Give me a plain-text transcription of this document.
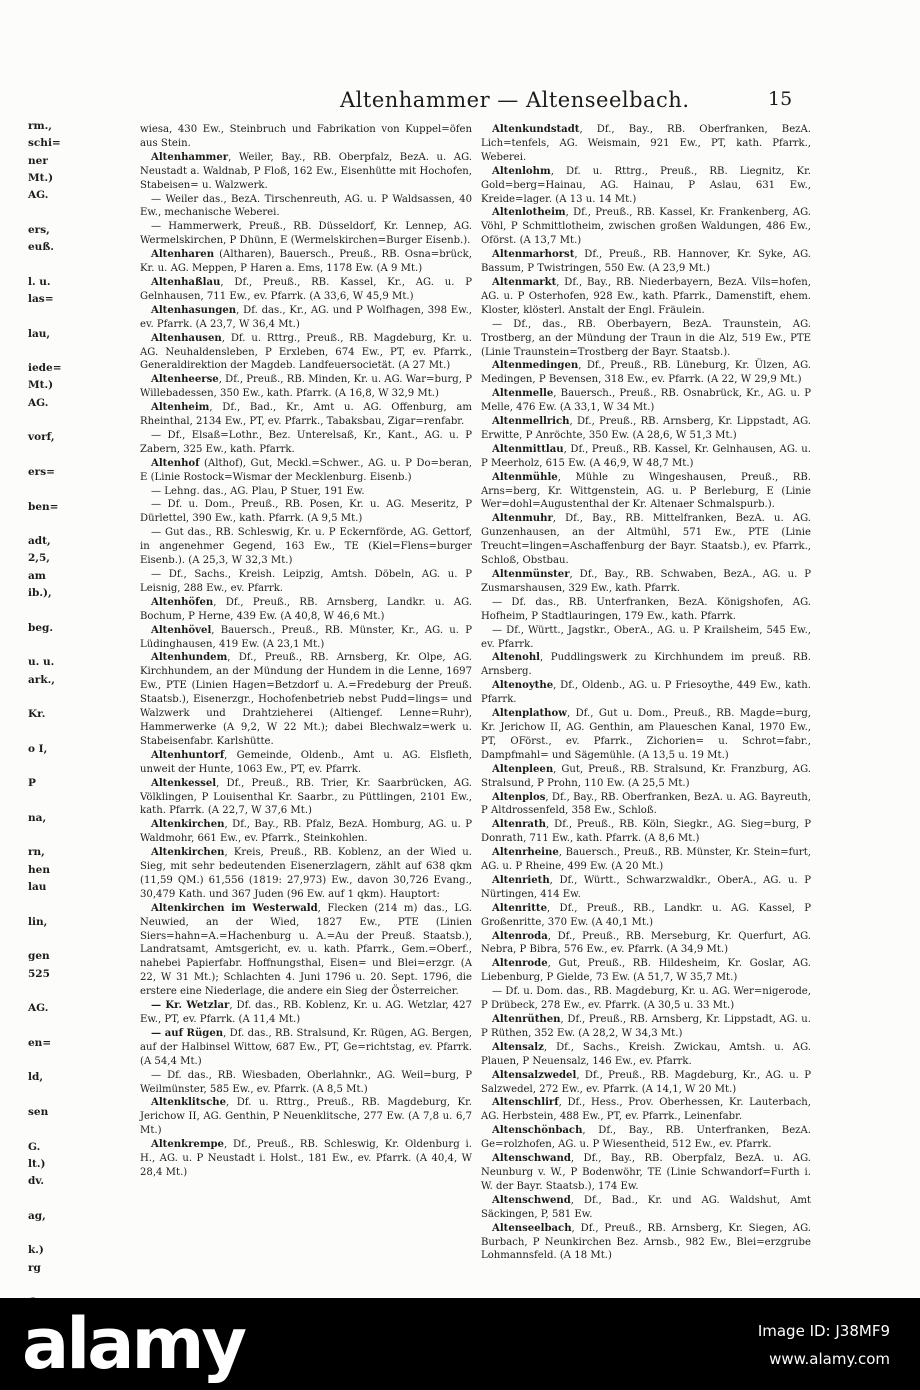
rm.,
schi=
ner
Mt.)
AG.
ers,
euß.
l. u.
las=
lau,
iede=
Mt.)
AG.
vorf,
ers=
ben=
adt,
2,5,
am
ib.),
beg.
u. u.
ark.,
Kr.
o I,
P
na,
rn,
hen
lau
lin,
gen
525
AG.
en=
ld,
sen
G.
lt.)
dv.
ag,
k.)
rg
Altenhammer — Altenseelbach.	15

wiesa, 430 Ew., Steinbruch und Fabrikation von Kuppel=öfen aus Stein.

Altenhammer, Weiler, Bay., RB. Oberpfalz, BezA. u. AG. Neustadt a. Waldnab, P Floß, 162 Ew., Eisenhütte mit Hochofen, Stabeisen= u. Walzwerk.

— Weiler das., BezA. Tirschenreuth, AG. u. P Waldsassen, 40 Ew., mechanische Weberei.

— Hammerwerk, Preuß., RB. Düsseldorf, Kr. Lennep, AG. Wermelskirchen, P Dhünn, E (Wermelskirchen=Burger Eisenb.).

Altenharen (Altharen), Bauersch., Preuß., RB. Osna=brück, Kr. u. AG. Meppen, P Haren a. Ems, 1178 Ew. (A 9 Mt.)

Altenhaßlau, Df., Preuß., RB. Kassel, Kr., AG. u. P Gelnhausen, 711 Ew., ev. Pfarrk. (A 33,6, W 45,9 Mt.)

Altenhasungen, Df. das., Kr., AG. und P Wolfhagen, 398 Ew., ev. Pfarrk. (A 23,7, W 36,4 Mt.)

Altenhausen, Df. u. Rttrg., Preuß., RB. Magdeburg, Kr. u. AG. Neuhaldensleben, P Erxleben, 674 Ew., PT, ev. Pfarrk., Generaldirektion der Magdeb. Landfeuersocietät. (A 27 Mt.)

Altenheerse, Df., Preuß., RB. Minden, Kr. u. AG. War=burg, P Willebadessen, 350 Ew., kath. Pfarrk. (A 16,8, W 32,9 Mt.)

Altenheim, Df., Bad., Kr., Amt u. AG. Offenburg, am Rheinthal, 2134 Ew., PT, ev. Pfarrk., Tabaksbau, Zigar=renfabr.

— Df., Elsaß=Lothr., Bez. Unterelsaß, Kr., Kant., AG. u. P Zabern, 325 Ew., kath. Pfarrk.

Altenhof (Althof), Gut, Meckl.=Schwer., AG. u. P Do=beran, E (Linie Rostock=Wismar der Mecklenburg. Eisenb.)

— Lehng. das., AG. Plau, P Stuer, 191 Ew.

— Df. u. Dom., Preuß., RB. Posen, Kr. u. AG. Meseritz, P Dürlettel, 390 Ew., kath. Pfarrk. (A 9,5 Mt.)

— Gut das., RB. Schleswig, Kr. u. P Eckernförde, AG. Gettorf, in angenehmer Gegend, 163 Ew., TE (Kiel=Flens=burger Eisenb.). (A 25,3, W 32,3 Mt.)

— Df., Sachs., Kreish. Leipzig, Amtsh. Döbeln, AG. u. P Leisnig, 288 Ew., ev. Pfarrk.

Altenhöfen, Df., Preuß., RB. Arnsberg, Landkr. u. AG. Bochum, P Herne, 439 Ew. (A 40,8, W 46,6 Mt.)

Altenhövel, Bauersch., Preuß., RB. Münster, Kr., AG. u. P Lüdinghausen, 419 Ew. (A 23,1 Mt.)

Altenhundem, Df., Preuß., RB. Arnsberg, Kr. Olpe, AG. Kirchhundem, an der Mündung der Hundem in die Lenne, 1697 Ew., PTE (Linien Hagen=Betzdorf u. A.=Fredeburg der Preuß. Staatsb.), Eisenerzgr., Hochofenbetrieb nebst Pudd=lings= und Walzwerk und Drahtzieherei (Altiengef. Lenne=Ruhr), Hammerwerke (A 9,2, W 22 Mt.); dabei Blechwalz=werk u. Stabeisenfabr. Karlshütte.

Altenhuntorf, Gemeinde, Oldenb., Amt u. AG. Elsfleth, unweit der Hunte, 1063 Ew., PT, ev. Pfarrk.

Altenkessel, Df., Preuß., RB. Trier, Kr. Saarbrücken, AG. Völklingen, P Louisenthal Kr. Saarbr., zu Püttlingen, 2101 Ew., kath. Pfarrk. (A 22,7, W 37,6 Mt.)

Altenkirchen, Df., Bay., RB. Pfalz, BezA. Homburg, AG. u. P Waldmohr, 661 Ew., ev. Pfarrk., Steinkohlen.

Altenkirchen, Kreis, Preuß., RB. Koblenz, an der Wied u. Sieg, mit sehr bedeutenden Eisenerzlagern, zählt auf 638 qkm (11,59 QM.) 61,556 (1819: 27,973) Ew., davon 30,726 Evang., 30,479 Kath. und 367 Juden (96 Ew. auf 1 qkm). Hauptort:

Altenkirchen im Westerwald, Flecken (214 m) das., LG. Neuwied, an der Wied, 1827 Ew., PTE (Linien Siers=hahn=A.=Hachenburg u. A.=Au der Preuß. Staatsb.), Landratsamt, Amtsgericht, ev. u. kath. Pfarrk., Gem.=Oberf., nahebei Papierfabr. Hoffnungsthal, Eisen= und Blei=erzgr. (A 22, W 31 Mt.); Schlachten 4. Juni 1796 u. 20. Sept. 1796, die erstere eine Niederlage, die andere ein Sieg der Österreicher.

— Kr. Wetzlar, Df. das., RB. Koblenz, Kr. u. AG. Wetzlar, 427 Ew., PT, ev. Pfarrk. (A 11,4 Mt.)

— auf Rügen, Df. das., RB. Stralsund, Kr. Rügen, AG. Bergen, auf der Halbinsel Wittow, 687 Ew., PT, Ge=richtstag, ev. Pfarrk. (A 54,4 Mt.)

— Df. das., RB. Wiesbaden, Oberlahnkr., AG. Weil=burg, P Weilmünster, 585 Ew., ev. Pfarrk. (A 8,5 Mt.)

Altenklitsche, Df. u. Rttrg., Preuß., RB. Magdeburg, Kr. Jerichow II, AG. Genthin, P Neuenklitsche, 277 Ew. (A 7,8 u. 6,7 Mt.)

Altenkrempe, Df., Preuß., RB. Schleswig, Kr. Oldenburg i. H., AG. u. P Neustadt i. Holst., 181 Ew., ev. Pfarrk. (A 40,4, W 28,4 Mt.)

Altenkundstadt, Df., Bay., RB. Oberfranken, BezA. Lich=tenfels, AG. Weismain, 921 Ew., PT, kath. Pfarrk., Weberei.

Altenlohm, Df. u. Rttrg., Preuß., RB. Liegnitz, Kr. Gold=berg=Hainau, AG. Hainau, P Aslau, 631 Ew., Kreide=lager. (A 13 u. 14 Mt.)

Altenlotheim, Df., Preuß., RB. Kassel, Kr. Frankenberg, AG. Vöhl, P Schmittlotheim, zwischen großen Waldungen, 486 Ew., Oförst. (A 13,7 Mt.)

Altenmarhorst, Df., Preuß., RB. Hannover, Kr. Syke, AG. Bassum, P Twistringen, 550 Ew. (A 23,9 Mt.)

Altenmarkt, Df., Bay., RB. Niederbayern, BezA. Vils=hofen, AG. u. P Osterhofen, 928 Ew., kath. Pfarrk., Damenstift, ehem. Kloster, klösterl. Anstalt der Engl. Fräulein.

— Df., das., RB. Oberbayern, BezA. Traunstein, AG. Trostberg, an der Mündung der Traun in die Alz, 519 Ew., PTE (Linie Traunstein=Trostberg der Bayr. Staatsb.).

Altenmedingen, Df., Preuß., RB. Lüneburg, Kr. Ülzen, AG. Medingen, P Bevensen, 318 Ew., ev. Pfarrk. (A 22, W 29,9 Mt.)

Altenmelle, Bauersch., Preuß., RB. Osnabrück, Kr., AG. u. P Melle, 476 Ew. (A 33,1, W 34 Mt.)

Altenmellrich, Df., Preuß., RB. Arnsberg, Kr. Lippstadt, AG. Erwitte, P Anröchte, 350 Ew. (A 28,6, W 51,3 Mt.)

Altenmittlau, Df., Preuß., RB. Kassel, Kr. Gelnhausen, AG. u. P Meerholz, 615 Ew. (A 46,9, W 48,7 Mt.)

Altenmühle, Mühle zu Wingeshausen, Preuß., RB. Arns=berg, Kr. Wittgenstein, AG. u. P Berleburg, E (Linie Wer=dohl=Augustenthal der Kr. Altenaer Schmalspurb.).

Altenmuhr, Df., Bay., RB. Mittelfranken, BezA. u. AG. Gunzenhausen, an der Altmühl, 571 Ew., PTE (Linie Treucht=lingen=Aschaffenburg der Bayr. Staatsb.), ev. Pfarrk., Schloß, Obstbau.

Altenmünster, Df., Bay., RB. Schwaben, BezA., AG. u. P Zusmarshausen, 329 Ew., kath. Pfarrk.

— Df. das., RB. Unterfranken, BezA. Königshofen, AG. Hofheim, P Stadtlauringen, 179 Ew., kath. Pfarrk.

— Df., Württ., Jagstkr., OberA., AG. u. P Krailsheim, 545 Ew., ev. Pfarrk.

Altenohl, Puddlingswerk zu Kirchhundem im preuß. RB. Arnsberg.

Altenoythe, Df., Oldenb., AG. u. P Friesoythe, 449 Ew., kath. Pfarrk.

Altenplathow, Df., Gut u. Dom., Preuß., RB. Magde=burg, Kr. Jerichow II, AG. Genthin, am Plaueschen Kanal, 1970 Ew., PT, OFörst., ev. Pfarrk., Zichorien= u. Schrot=fabr., Dampfmahl= und Sägemühle. (A 13,5 u. 19 Mt.)

Altenpleen, Gut, Preuß., RB. Stralsund, Kr. Franzburg, AG. Stralsund, P Prohn, 110 Ew. (A 25,5 Mt.)

Altenplos, Df., Bay., RB. Oberfranken, BezA. u. AG. Bayreuth, P Altdrossenfeld, 358 Ew., Schloß.

Altenrath, Df., Preuß., RB. Köln, Siegkr., AG. Sieg=burg, P Donrath, 711 Ew., kath. Pfarrk. (A 8,6 Mt.)

Altenrheine, Bauersch., Preuß., RB. Münster, Kr. Stein=furt, AG. u. P Rheine, 499 Ew. (A 20 Mt.)

Altenrieth, Df., Württ., Schwarzwaldkr., OberA., AG. u. P Nürtingen, 414 Ew.

Altenritte, Df., Preuß., RB., Landkr. u. AG. Kassel, P Großenritte, 370 Ew. (A 40,1 Mt.)

Altenroda, Df., Preuß., RB. Merseburg, Kr. Querfurt, AG. Nebra, P Bibra, 576 Ew., ev. Pfarrk. (A 34,9 Mt.)

Altenrode, Gut, Preuß., RB. Hildesheim, Kr. Goslar, AG. Liebenburg, P Gielde, 73 Ew. (A 51,7, W 35,7 Mt.)

— Df. u. Dom. das., RB. Magdeburg, Kr. u. AG. Wer=nigerode, P Drübeck, 278 Ew., ev. Pfarrk. (A 30,5 u. 33 Mt.)

Altenrüthen, Df., Preuß., RB. Arnsberg, Kr. Lippstadt, AG. u. P Rüthen, 352 Ew. (A 28,2, W 34,3 Mt.)

Altensalz, Df., Sachs., Kreish. Zwickau, Amtsh. u. AG. Plauen, P Neuensalz, 146 Ew., ev. Pfarrk.

Altensalzwedel, Df., Preuß., RB. Magdeburg, Kr., AG. u. P Salzwedel, 272 Ew., ev. Pfarrk. (A 14,1, W 20 Mt.)

Altenschlirf, Df., Hess., Prov. Oberhessen, Kr. Lauterbach, AG. Herbstein, 488 Ew., PT, ev. Pfarrk., Leinenfabr.

Altenschönbach, Df., Bay., RB. Unterfranken, BezA. Ge=rolzhofen, AG. u. P Wiesentheid, 512 Ew., ev. Pfarrk.

Altenschwand, Df., Bay., RB. Oberpfalz, BezA. u. AG. Neunburg v. W., P Bodenwöhr, TE (Linie Schwandorf=Furth i. W. der Bayr. Staatsb.), 174 Ew.

Altenschwend, Df., Bad., Kr. und AG. Waldshut, Amt Säckingen, P, 581 Ew.

Altenseelbach, Df., Preuß., RB. Arnsberg, Kr. Siegen, AG. Burbach, P Neunkirchen Bez. Arnsb., 982 Ew., Blei=erzgrube Lohmannsfeld. (A 18 Mt.)

alamy	Image ID: J38MF9
www.alamy.com
